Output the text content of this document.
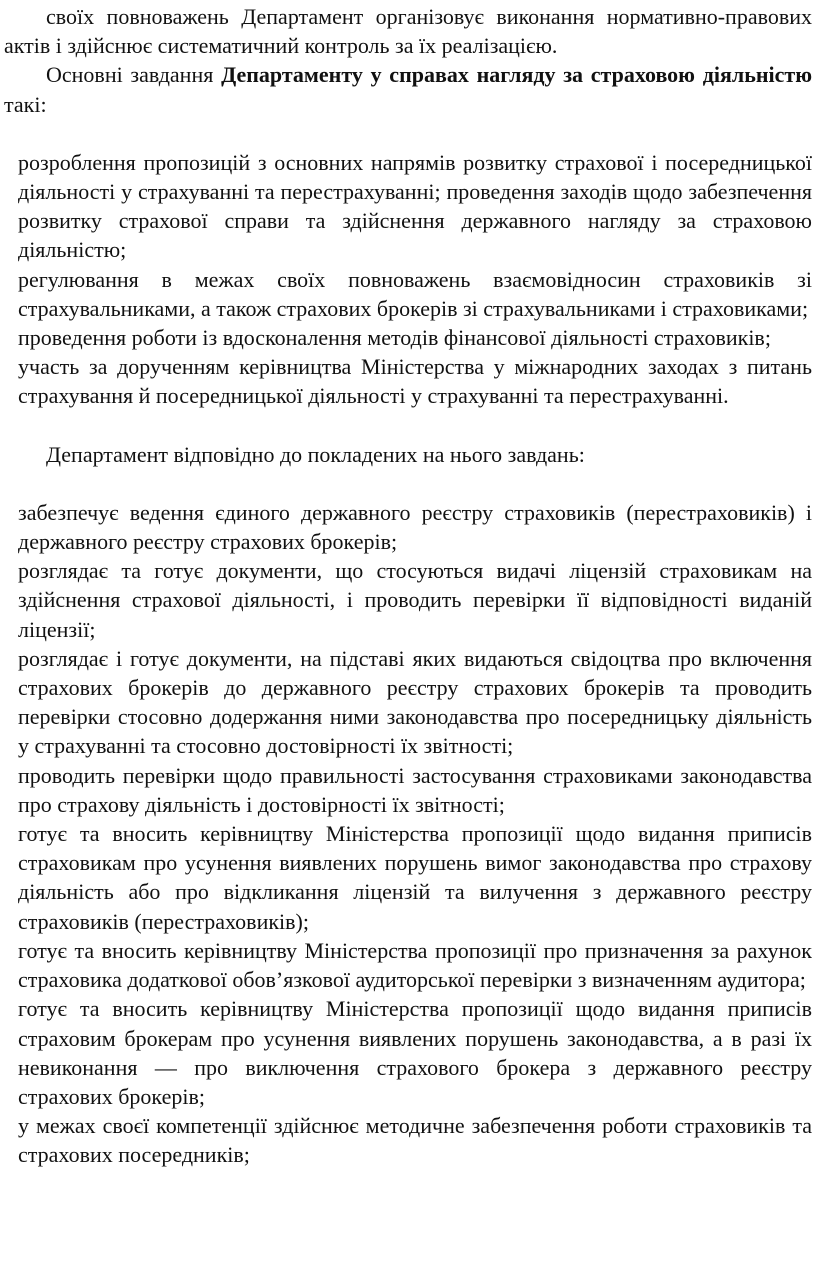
своїх повноважень Департамент організовує виконання нормативно-правових актів і здійснює систематичний контроль за їх реалізацією.

Основні завдання Департаменту у справах нагляду за страховою діяльністю такі:

розроблення пропозицій з основних напрямів розвитку страхової і посередницької діяльності у страхуванні та перестрахуванні; проведення заходів щодо забезпечення розвитку страхової справи та здійснення державного нагляду за страховою діяльністю;

регулювання в межах своїх повноважень взаємовідносин страховиків зі страхувальниками, а також страхових брокерів зі страхувальниками і страховиками;

проведення роботи із вдосконалення методів фінансової діяльності страховиків;

участь за дорученням керівництва Міністерства у міжнародних заходах з питань страхування й посередницької діяльності у страхуванні та перестрахуванні.

Департамент відповідно до покладених на нього завдань:

забезпечує ведення єдиного державного реєстру страховиків (перестраховиків) і державного реєстру страхових брокерів;

розглядає та готує документи, що стосуються видачі ліцензій страховикам на здійснення страхової діяльності, і проводить перевірки її відповідності виданій ліцензії;

розглядає і готує документи, на підставі яких видаються свідоцтва про включення страхових брокерів до державного реєстру страхових брокерів та проводить перевірки стосовно додержання ними законодавства про посередницьку діяльність у страхуванні та стосовно достовірності їх звітності;

проводить перевірки щодо правильності застосування страховиками законодавства про страхову діяльність і достовірності їх звітності;

готує та вносить керівництву Міністерства пропозиції щодо видання приписів страховикам про усунення виявлених порушень вимог законодавства про страхову діяльність або про відкликання ліцензій та вилучення з державного реєстру страховиків (перестраховиків);

готує та вносить керівництву Міністерства пропозиції про призначення за рахунок страховика додаткової обов’язкової аудиторської перевірки з визначенням аудитора;

готує та вносить керівництву Міністерства пропозиції щодо видання приписів страховим брокерам про усунення виявлених порушень законодавства, а в разі їх невиконання — про виключення страхового брокера з державного реєстру страхових брокерів;

у межах своєї компетенції здійснює методичне забезпечення роботи страховиків та страхових посередників;
